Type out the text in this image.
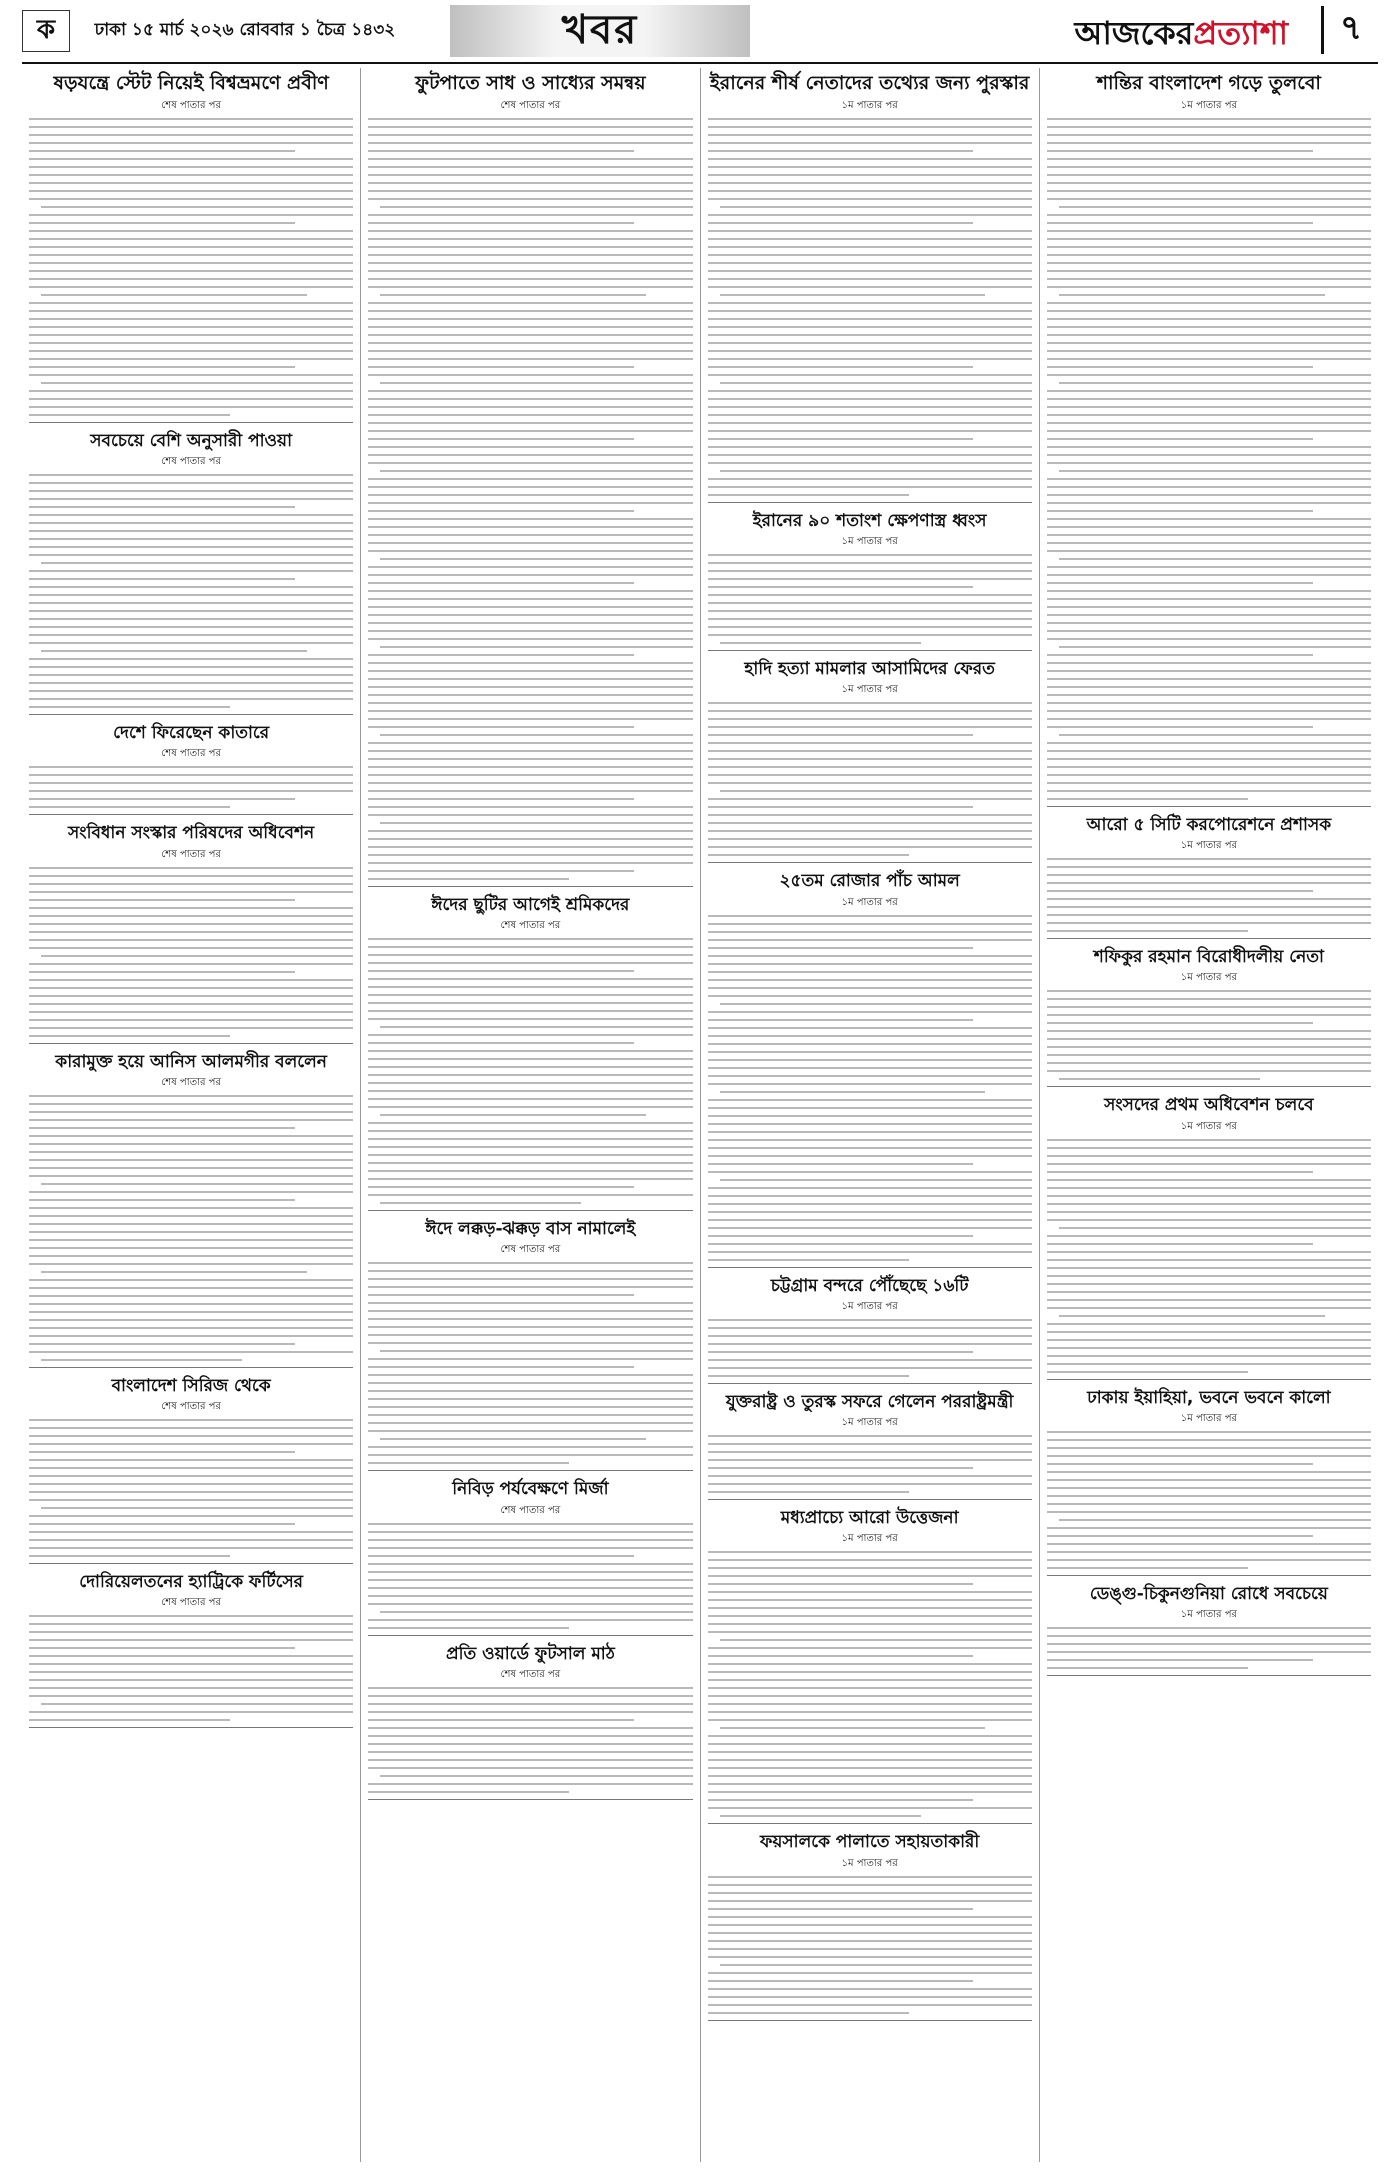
ক	ঢাকা ১৫ মার্চ ২০২৬ রোববার ১ চৈত্র ১৪৩২	খবর	আজকেরপ্রত্যাশা	৭
ষড়যন্ত্রে স্টেট নিয়েই বিশ্বভ্রমণে প্রবীণ
শেষ পাতার পর
সবচেয়ে বেশি অনুসারী পাওয়া
শেষ পাতার পর
দেশে ফিরেছেন কাতারে
শেষ পাতার পর
সংবিধান সংস্কার পরিষদের অধিবেশন
শেষ পাতার পর
কারামুক্ত হয়ে আনিস আলমগীর বললেন
শেষ পাতার পর
বাংলাদেশ সিরিজ থেকে
শেষ পাতার পর
দোরিয়েলতনের হ্যাট্রিকে ফর্টিসের
শেষ পাতার পর
ফুটপাতে সাধ ও সাধ্যের সমন্বয়
শেষ পাতার পর
ঈদের ছুটির আগেই শ্রমিকদের
শেষ পাতার পর
ঈদে লক্কড়-ঝক্কড় বাস নামালেই
শেষ পাতার পর
নিবিড় পর্যবেক্ষণে মির্জা
শেষ পাতার পর
প্রতি ওয়ার্ডে ফুটসাল মাঠ
শেষ পাতার পর
ইরানের শীর্ষ নেতাদের তথ্যের জন্য পুরস্কার
১ম পাতার পর
ইরানের ৯০ শতাংশ ক্ষেপণাস্ত্র ধ্বংস
১ম পাতার পর
হাদি হত্যা মামলার আসামিদের ফেরত
১ম পাতার পর
২৫তম রোজার পাঁচ আমল
১ম পাতার পর
চট্টগ্রাম বন্দরে পৌঁছেছে ১৬টি
১ম পাতার পর
যুক্তরাষ্ট্র ও তুরস্ক সফরে গেলেন পররাষ্ট্রমন্ত্রী
১ম পাতার পর
মধ্যপ্রাচ্যে আরো উত্তেজনা
১ম পাতার পর
ফয়সালকে পালাতে সহায়তাকারী
১ম পাতার পর
শান্তির বাংলাদেশ গড়ে তুলবো
১ম পাতার পর
আরো ৫ সিটি করপোরেশনে প্রশাসক
১ম পাতার পর
শফিকুর রহমান বিরোধীদলীয় নেতা
১ম পাতার পর
সংসদের প্রথম অধিবেশন চলবে
১ম পাতার পর
ঢাকায় ইয়াহিয়া, ভবনে ভবনে কালো
১ম পাতার পর
ডেঙ্গু-চিকুনগুনিয়া রোধে সবচেয়ে
১ম পাতার পর
